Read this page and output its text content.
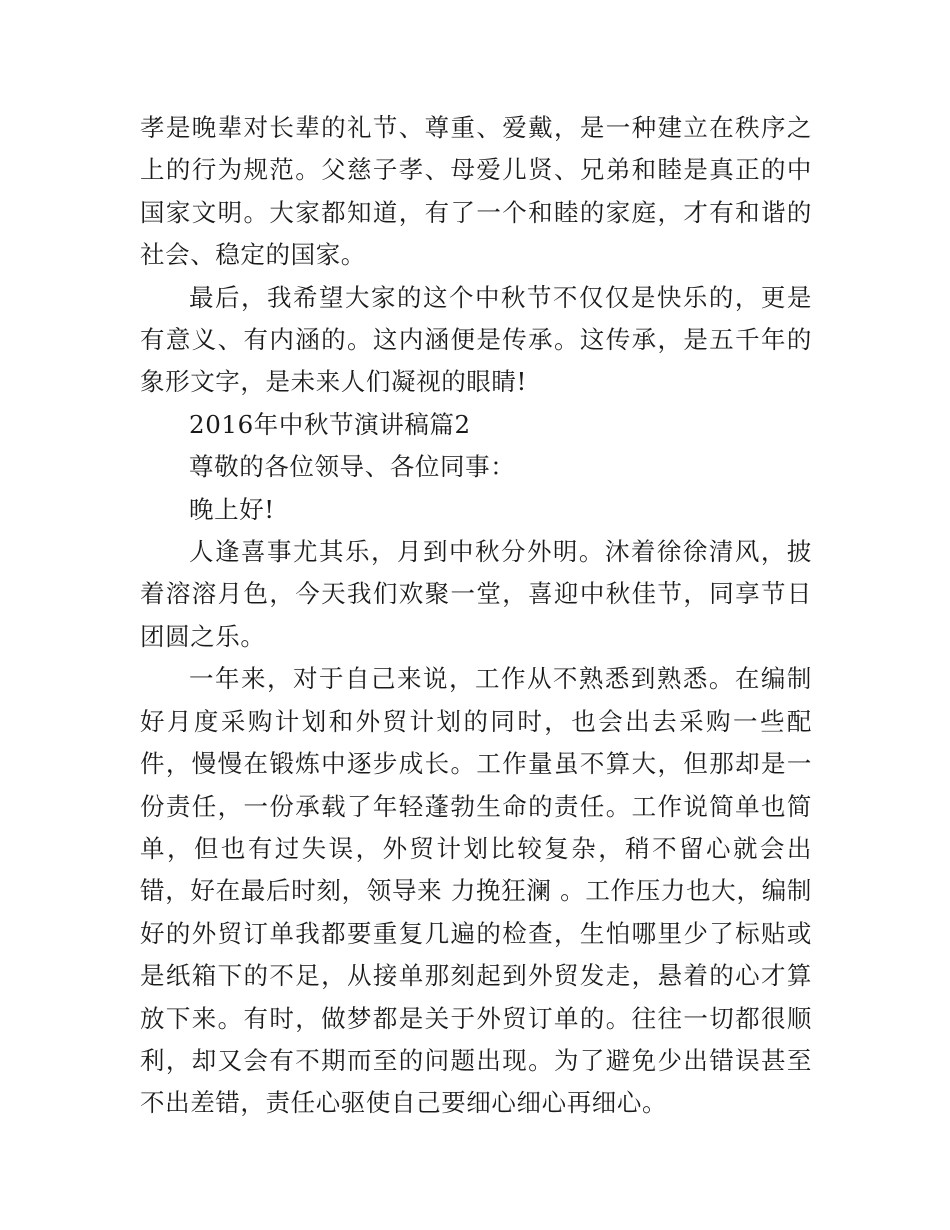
孝是晚辈对长辈的礼节、尊重、爱戴，是一种建立在秩序之上的行为规范。父慈子孝、母爱儿贤、兄弟和睦是真正的中国家文明。大家都知道，有了一个和睦的家庭，才有和谐的社会、稳定的国家。

最后，我希望大家的这个中秋节不仅仅是快乐的，更是有意义、有内涵的。这内涵便是传承。这传承，是五千年的象形文字，是未来人们凝视的眼睛!

2016年中秋节演讲稿篇2

尊敬的各位领导、各位同事：

晚上好!

人逢喜事尤其乐，月到中秋分外明。沐着徐徐清风，披着溶溶月色，今天我们欢聚一堂，喜迎中秋佳节，同享节日团圆之乐。

一年来，对于自己来说，工作从不熟悉到熟悉。在编制好月度采购计划和外贸计划的同时，也会出去采购一些配件，慢慢在锻炼中逐步成长。工作量虽不算大，但那却是一份责任，一份承载了年轻蓬勃生命的责任。工作说简单也简单，但也有过失误，外贸计划比较复杂，稍不留心就会出错，好在最后时刻，领导来 力挽狂澜 。工作压力也大，编制好的外贸订单我都要重复几遍的检查，生怕哪里少了标贴或是纸箱下的不足，从接单那刻起到外贸发走，悬着的心才算放下来。有时，做梦都是关于外贸订单的。往往一切都很顺利，却又会有不期而至的问题出现。为了避免少出错误甚至不出差错，责任心驱使自己要细心细心再细心。
